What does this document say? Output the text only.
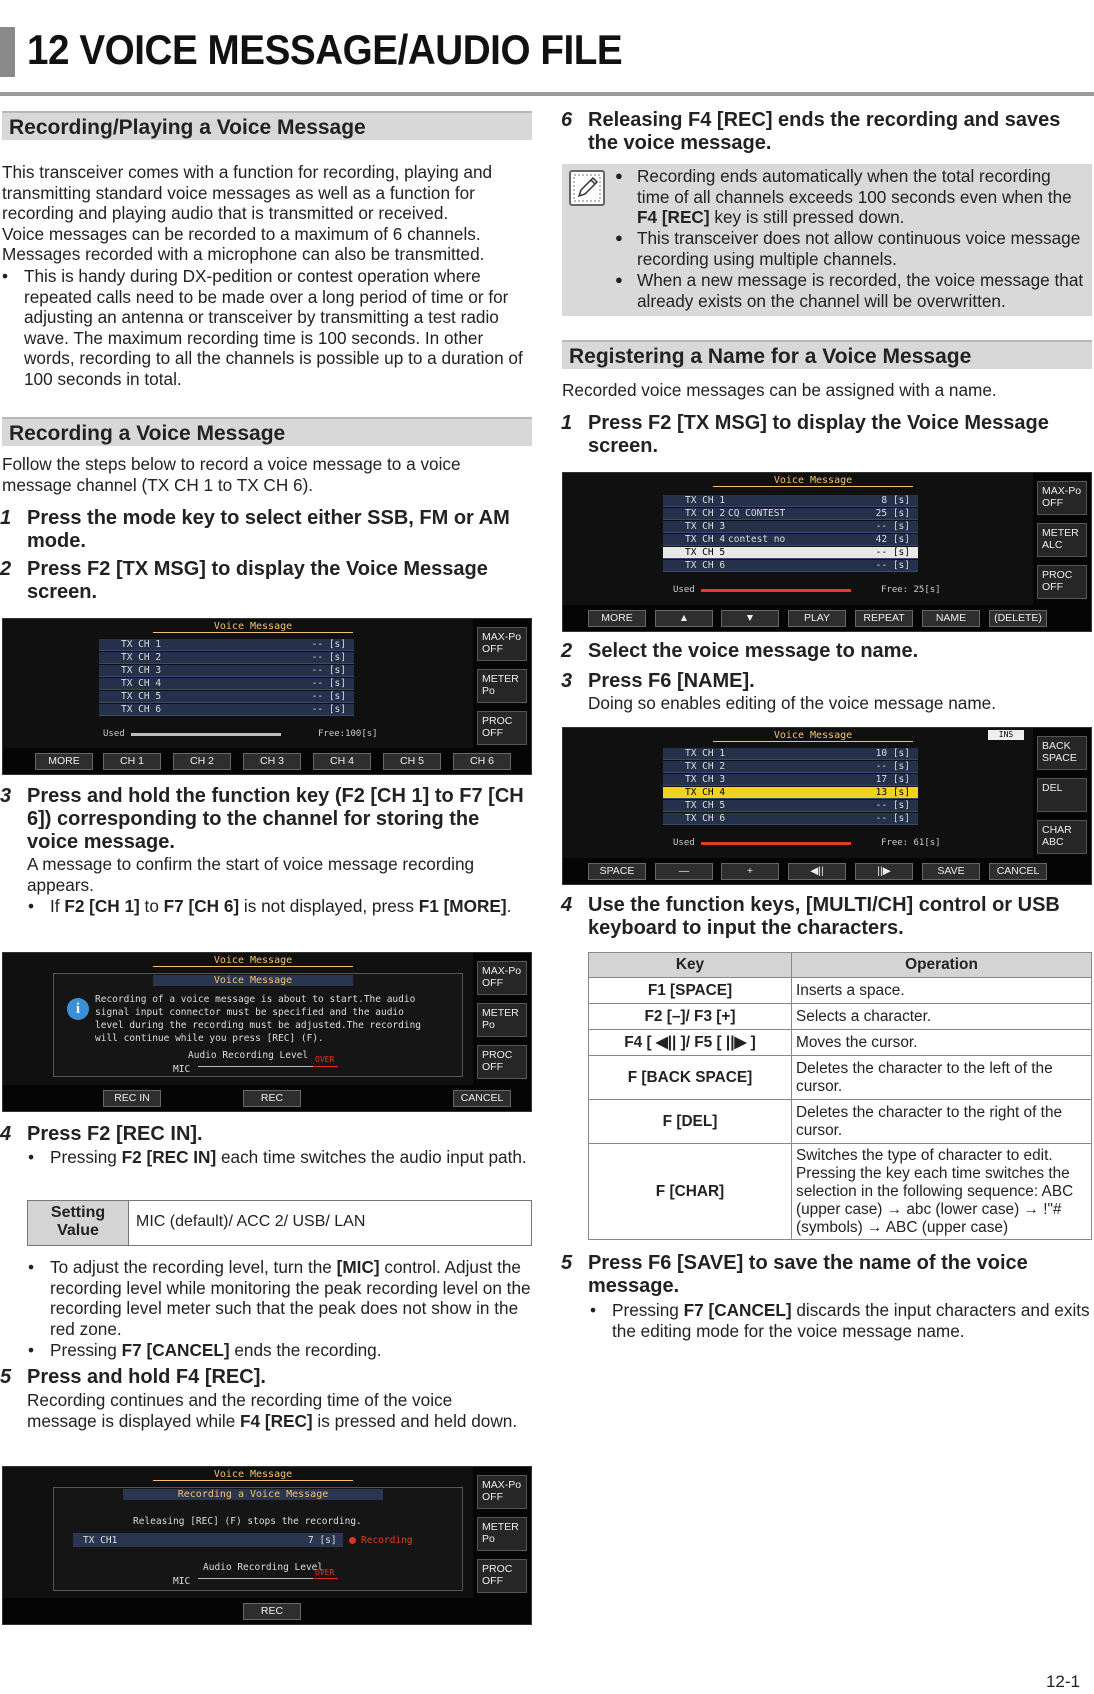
12 VOICE MESSAGE/AUDIO FILE
Recording/Playing a Voice Message
This transceiver comes with a function for recording, playing and transmitting standard voice messages as well as a function for recording and playing audio that is transmitted or received.
Voice messages can be recorded to a maximum of 6 channels.
Messages recorded with a microphone can also be transmitted.
• This is handy during DX-pedition or contest operation where repeated calls need to be made over a long period of time or for adjusting an antenna or transceiver by transmitting a test radio wave. The maximum recording time is 100 seconds. In other words, recording to all the channels is possible up to a duration of 100 seconds in total.
Recording a Voice Message
Follow the steps below to record a voice message to a voice message channel (TX CH 1 to TX CH 6).
1 Press the mode key to select either SSB, FM or AM mode.
2 Press F2 [TX MSG] to display the Voice Message screen.
Voice Message
TX CH 1	-- [s]
TX CH 2	-- [s]
TX CH 3	-- [s]
TX CH 4	-- [s]
TX CH 5	-- [s]
TX CH 6	-- [s]
Used	Free:100[s]
MAX-Po OFF
METER Po
PROC OFF
MORE	CH 1	CH 2	CH 3	CH 4	CH 5	CH 6
3 Press and hold the function key (F2 [CH 1] to F7 [CH 6]) corresponding to the channel for storing the voice message.
A message to confirm the start of voice message recording appears.
• If F2 [CH 1] to F7 [CH 6] is not displayed, press F1 [MORE].
Voice Message
Voice Message
i
Recording of a voice message is about to start.The audio signal input connector must be specified and the audio level during the recording must be adjusted.The recording will continue while you press [REC] (F).
Audio Recording Level
MIC
OVER
MAX-Po OFF
METER Po
PROC OFF
REC IN	REC	CANCEL
4 Press F2 [REC IN].
• Pressing F2 [REC IN] each time switches the audio input path.
Setting Value
MIC (default)/ ACC 2/ USB/ LAN
• To adjust the recording level, turn the [MIC] control. Adjust the recording level while monitoring the peak recording level on the recording level meter such that the peak does not show in the red zone.
• Pressing F7 [CANCEL] ends the recording.
5 Press and hold F4 [REC].
Recording continues and the recording time of the voice message is displayed while F4 [REC] is pressed and held down.
Voice Message
Recording a Voice Message
Releasing [REC] (F) stops the recording.
TX CH1	7 [s]	Recording
Audio Recording Level
MIC
OVER
MAX-Po OFF
METER Po
PROC OFF
REC
6 Releasing F4 [REC] ends the recording and saves the voice message.
● Recording ends automatically when the total recording time of all channels exceeds 100 seconds even when the F4 [REC] key is still pressed down.
● This transceiver does not allow continuous voice message recording using multiple channels.
● When a new message is recorded, the voice message that already exists on the channel will be overwritten.
Registering a Name for a Voice Message
Recorded voice messages can be assigned with a name.
1 Press F2 [TX MSG] to display the Voice Message screen.
Voice Message
TX CH 1	8 [s]
TX CH 2 CQ CONTEST	25 [s]
TX CH 3	-- [s]
TX CH 4 contest no	42 [s]
TX CH 5	-- [s]
TX CH 6	-- [s]
Used	Free: 25[s]
MAX-Po OFF
METER ALC
PROC OFF
MORE	▲	▼	PLAY	REPEAT	NAME	(DELETE)
2 Select the voice message to name.
3 Press F6 [NAME].
Doing so enables editing of the voice message name.
Voice Message	INS
TX CH 1	10 [s]
TX CH 2	-- [s]
TX CH 3	17 [s]
TX CH 4	13 [s]
TX CH 5	-- [s]
TX CH 6	-- [s]
Used	Free: 61[s]
BACK SPACE
DEL
CHAR ABC
SPACE	—	+	◀||	||▶	SAVE	CANCEL
4 Use the function keys, [MULTI/CH] control or USB keyboard to input the characters.
Key	Operation
F1 [SPACE]	Inserts a space.
F2 [–]/ F3 [+]	Selects a character.
F4 [ ◀|| ]/ F5 [ ||▶ ]	Moves the cursor.
F [BACK SPACE]	Deletes the character to the left of the cursor.
F [DEL]	Deletes the character to the right of the cursor.
F [CHAR]	Switches the type of character to edit. Pressing the key each time switches the selection in the following sequence: ABC (upper case) → abc (lower case) → !"# (symbols) → ABC (upper case)
5 Press F6 [SAVE] to save the name of the voice message.
• Pressing F7 [CANCEL] discards the input characters and exits the editing mode for the voice message name.
12-1
